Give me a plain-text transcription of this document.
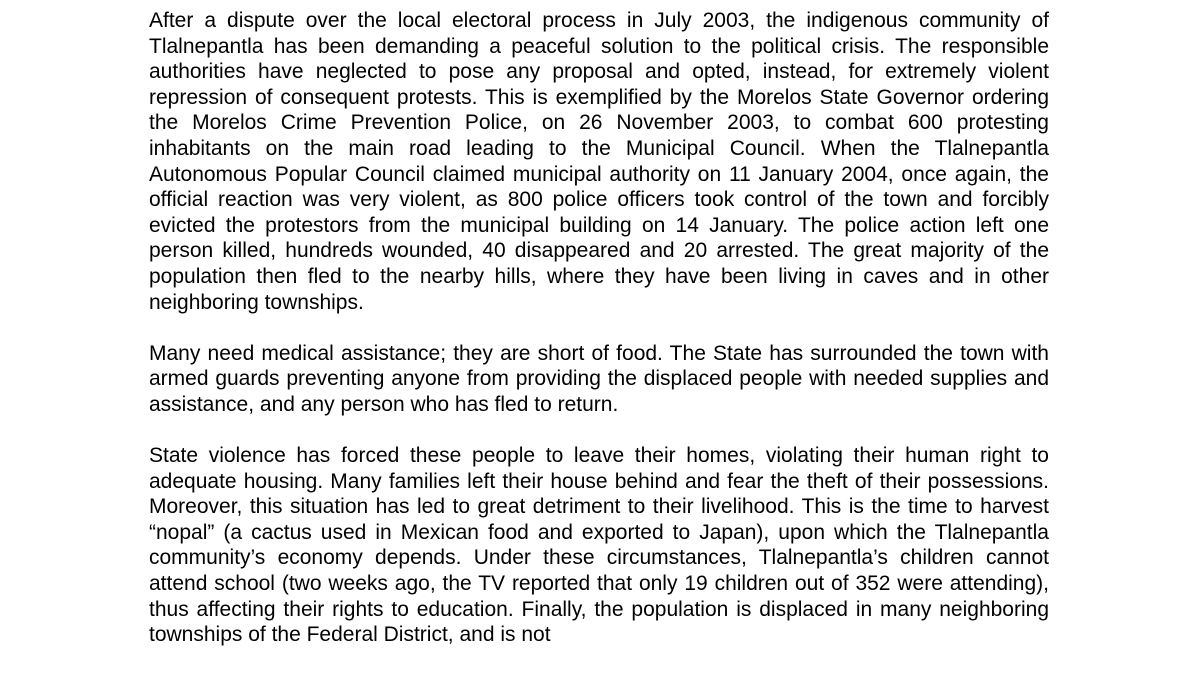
After a dispute over the local electoral process in July 2003, the indigenous community of Tlalnepantla has been demanding a peaceful solution to the political crisis. The responsible authorities have neglected to pose any proposal and opted, instead, for extremely violent repression of consequent protests. This is exemplified by the Morelos State Governor ordering the Morelos Crime Prevention Police, on 26 November 2003, to combat 600 protesting inhabitants on the main road leading to the Municipal Council. When the Tlalnepantla Autonomous Popular Council claimed municipal authority on 11 January 2004, once again, the official reaction was very violent, as 800 police officers took control of the town and forcibly evicted the protestors from the municipal building on 14 January. The police action left one person killed, hundreds wounded, 40 disappeared and 20 arrested. The great majority of the population then fled to the nearby hills, where they have been living in caves and in other neighboring townships.

Many need medical assistance; they are short of food. The State has surrounded the town with armed guards preventing anyone from providing the displaced people with needed supplies and assistance, and any person who has fled to return.

State violence has forced these people to leave their homes, violating their human right to adequate housing. Many families left their house behind and fear the theft of their possessions. Moreover, this situation has led to great detriment to their livelihood. This is the time to harvest “nopal” (a cactus used in Mexican food and exported to Japan), upon which the Tlalnepantla community’s economy depends. Under these circumstances, Tlalnepantla’s children cannot attend school (two weeks ago, the TV reported that only 19 children out of 352 were attending), thus affecting their rights to education. Finally, the population is displaced in many neighboring townships of the Federal District, and is not
